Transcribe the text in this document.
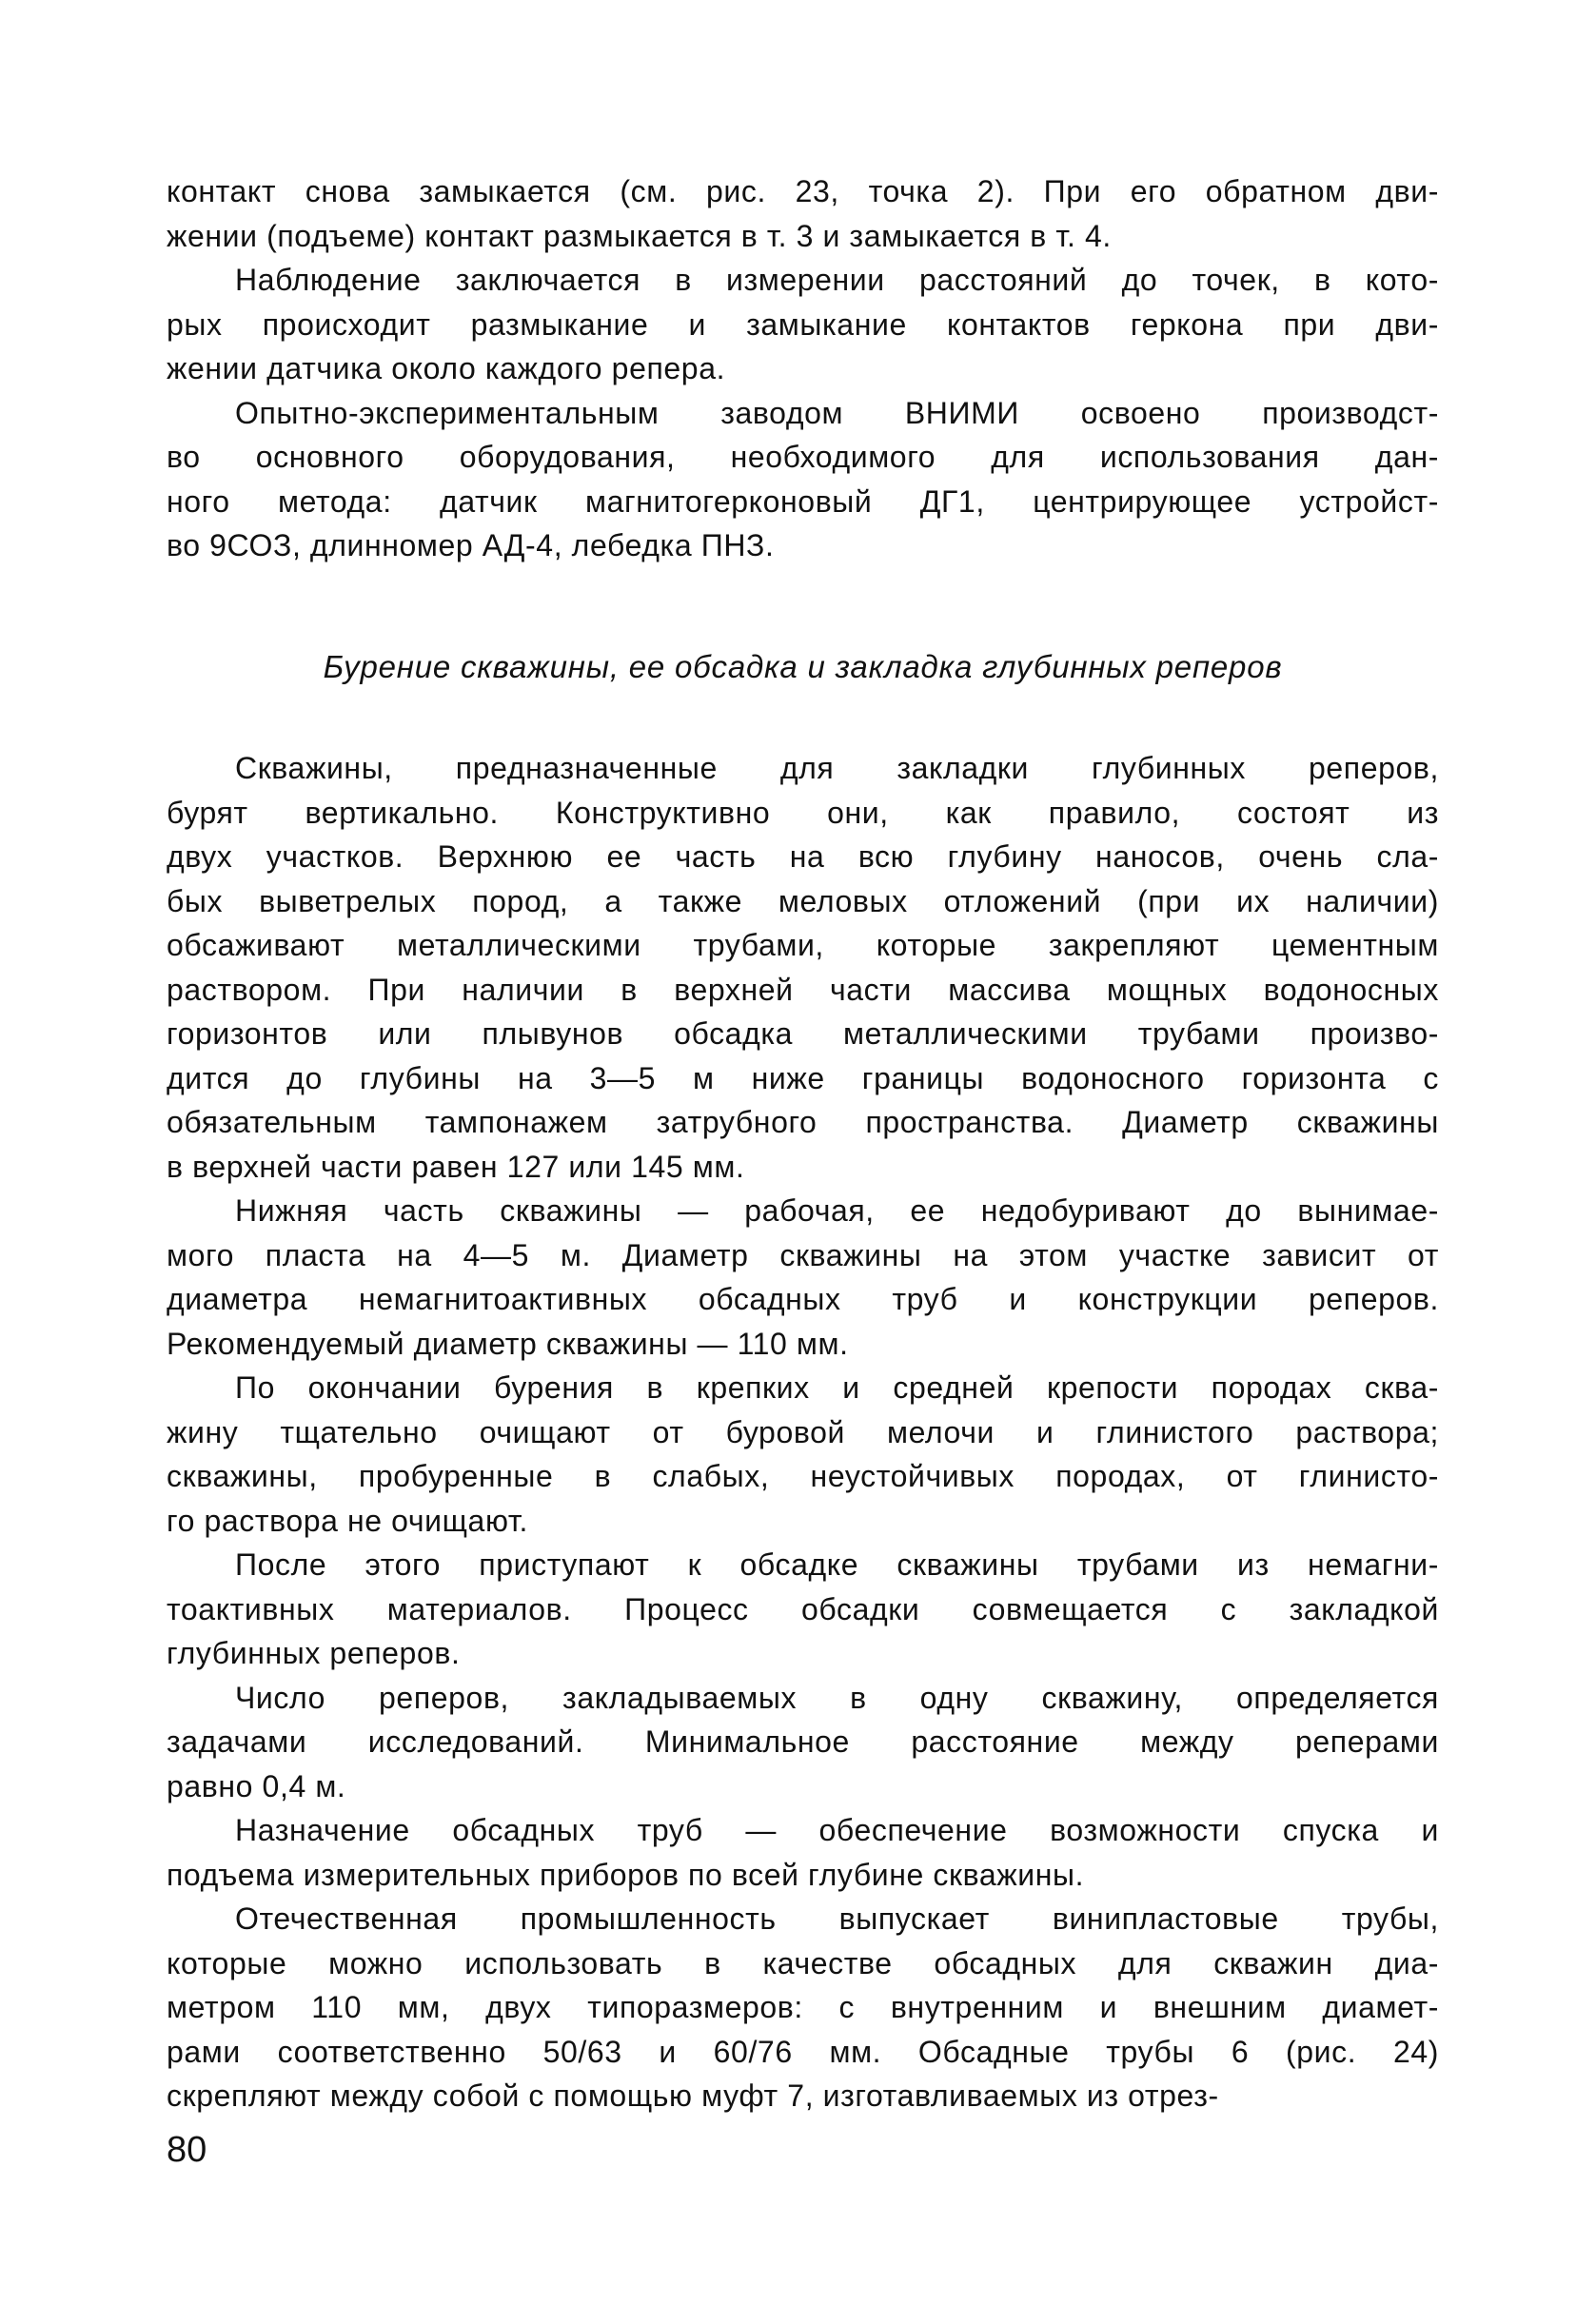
контакт снова замыкается (см. рис. 23, точка 2). При его обратном дви-
жении (подъеме) контакт размыкается в т. 3 и замыкается в т. 4.

Наблюдение заключается в измерении расстояний до точек, в кото-
рых происходит размыкание и замыкание контактов геркона при дви-
жении датчика около каждого репера.

Опытно-экспериментальным заводом ВНИМИ освоено производст-
во основного оборудования, необходимого для использования дан-
ного метода: датчик магнитогерконовый ДГ1, центрирующее устройст-
во 9СОЗ, длинномер АД-4, лебедка ПНЗ.

Бурение скважины, ее обсадка и закладка глубинных реперов

Скважины, предназначенные для закладки глубинных реперов,
бурят вертикально. Конструктивно они, как правило, состоят из
двух участков. Верхнюю ее часть на всю глубину наносов, очень сла-
бых выветрелых пород, а также меловых отложений (при их наличии)
обсаживают металлическими трубами, которые закрепляют цементным
раствором. При наличии в верхней части массива мощных водоносных
горизонтов или плывунов обсадка металлическими трубами произво-
дится до глубины на 3—5 м ниже границы водоносного горизонта с
обязательным тампонажем затрубного пространства. Диаметр скважины
в верхней части равен 127 или 145 мм.

Нижняя часть скважины — рабочая, ее недобуривают до вынимае-
мого пласта на 4—5 м. Диаметр скважины на этом участке зависит от
диаметра немагнитоактивных обсадных труб и конструкции реперов.
Рекомендуемый диаметр скважины — 110 мм.

По окончании бурения в крепких и средней крепости породах сква-
жину тщательно очищают от буровой мелочи и глинистого раствора;
скважины, пробуренные в слабых, неустойчивых породах, от глинисто-
го раствора не очищают.

После этого приступают к обсадке скважины трубами из немагни-
тоактивных материалов. Процесс обсадки совмещается с закладкой
глубинных реперов.

Число реперов, закладываемых в одну скважину, определяется
задачами исследований. Минимальное расстояние между реперами
равно 0,4 м.

Назначение обсадных труб — обеспечение возможности спуска и
подъема измерительных приборов по всей глубине скважины.

Отечественная промышленность выпускает винипластовые трубы,
которые можно использовать в качестве обсадных для скважин диа-
метром 110 мм, двух типоразмеров: с внутренним и внешним диамет-
рами соответственно 50/63 и 60/76 мм. Обсадные трубы 6 (рис. 24)
скрепляют между собой с помощью муфт 7, изготавливаемых из отрез-

80
